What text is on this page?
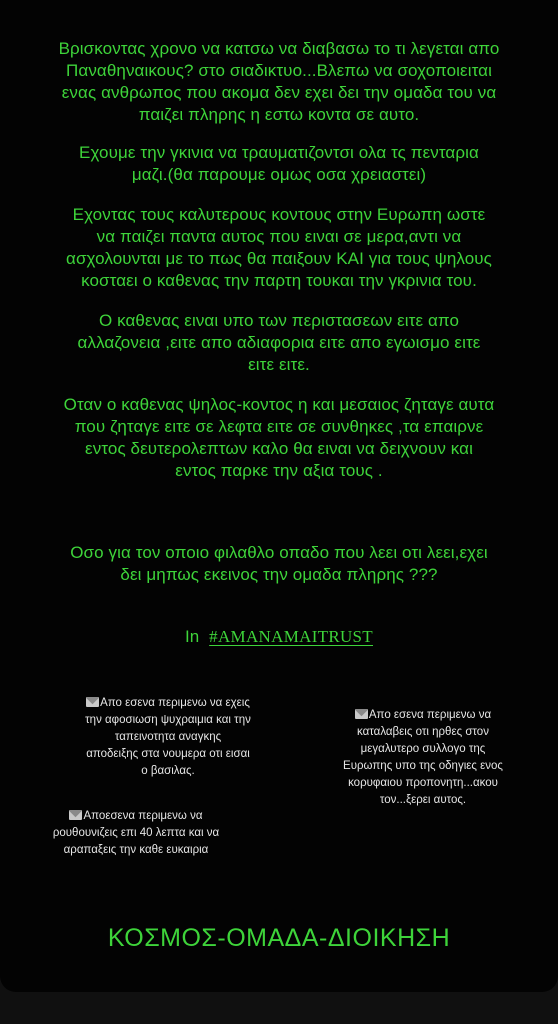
Βρισκοντας χρονο να κατσω να διαβασω το τι λεγεται απο
Παναθηναικους? στο σιαδικτυο...Βλεπω να σοχοποιειται
ενας ανθρωπος που ακομα δεν εχει δει την ομαδα του να
παιζει πληρης η εστω κοντα σε αυτο.
Εχουμε την γκινια να τραυματιζοντσι ολα τς πενταρια
μαζι.(θα παρουμε ομως οσα χρειαστει)
Εχοντας τους καλυτερους κοντους στην Ευρωπη ωστε
να παιζει παντα αυτος που ειναι σε μερα,αντι να
ασχολουνται με το πως θα παιξουν ΚΑΙ για τους ψηλους
κοσταει ο καθενας την παρτη τουκαι την γκρινια του.
Ο καθενας ειναι υπο των περιστασεων ειτε απο
αλλαζονεια ,ειτε απο αδιαφορια ειτε απο εγωισμο ειτε
ειτε ειτε.
Οταν ο καθενας ψηλος-κοντος η και μεσαιος ζηταγε αυτα
που ζηταγε ειτε σε λεφτα ειτε σε συνθηκες ,τα επαιρνε
εντος δευτερολεπτων καλο θα ειναι να δειχνουν και
εντος παρκε την αξια τους .
Οσο για τον οποιο φιλαθλο οπαδο που λεει οτι λεει,εχει
δει μηπως εκεινος την ομαδα πληρης ???
In #AMANAMAITRUST
Απο εσενα περιμενω να εχεις
την αφοσιωση ψυχραιμια και την
ταπεινοτητα αναγκης
αποδειξης στα νουμερα οτι εισαι
ο βασιλας.
Απο εσενα περιμενω να
καταλαβεις οτι ηρθες στον
μεγαλυτερο συλλογο της
Ευρωπης υπο της οδηγιες ενος
κορυφαιου προπονητη...ακου
τον...ξερει αυτος.
Αποεσενα περιμενω να
ρουθουνιζεις επι 40 λεπτα και να
αραπαξεις την καθε ευκαιρια
ΚΟΣΜΟΣ-ΟΜΑΔΑ-ΔΙΟΙΚΗΣΗ
